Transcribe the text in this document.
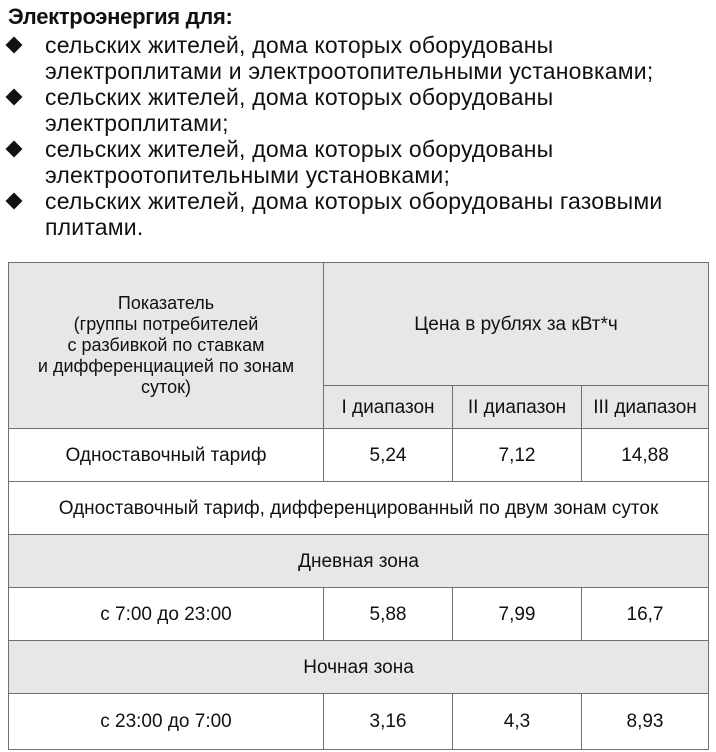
Электроэнергия для:
сельских жителей, дома которых оборудованы электроплитами и электроотопительными установками;
сельских жителей, дома которых оборудованы электроплитами;
сельских жителей, дома которых оборудованы электроотопительными установками;
сельских жителей, дома которых оборудованы газовыми плитами.
Показатель
(группы потребителей
с разбивкой по ставкам
и дифференциацией по зонам
суток)
Цена в рублях за кВт*ч
I диапазон	II диапазон	III диапазон
Одноставочный тариф	5,24	7,12	14,88
Одноставочный тариф, дифференцированный по двум зонам суток
Дневная зона
с 7:00 до 23:00	5,88	7,99	16,7
Ночная зона
с 23:00 до 7:00	3,16	4,3	8,93
